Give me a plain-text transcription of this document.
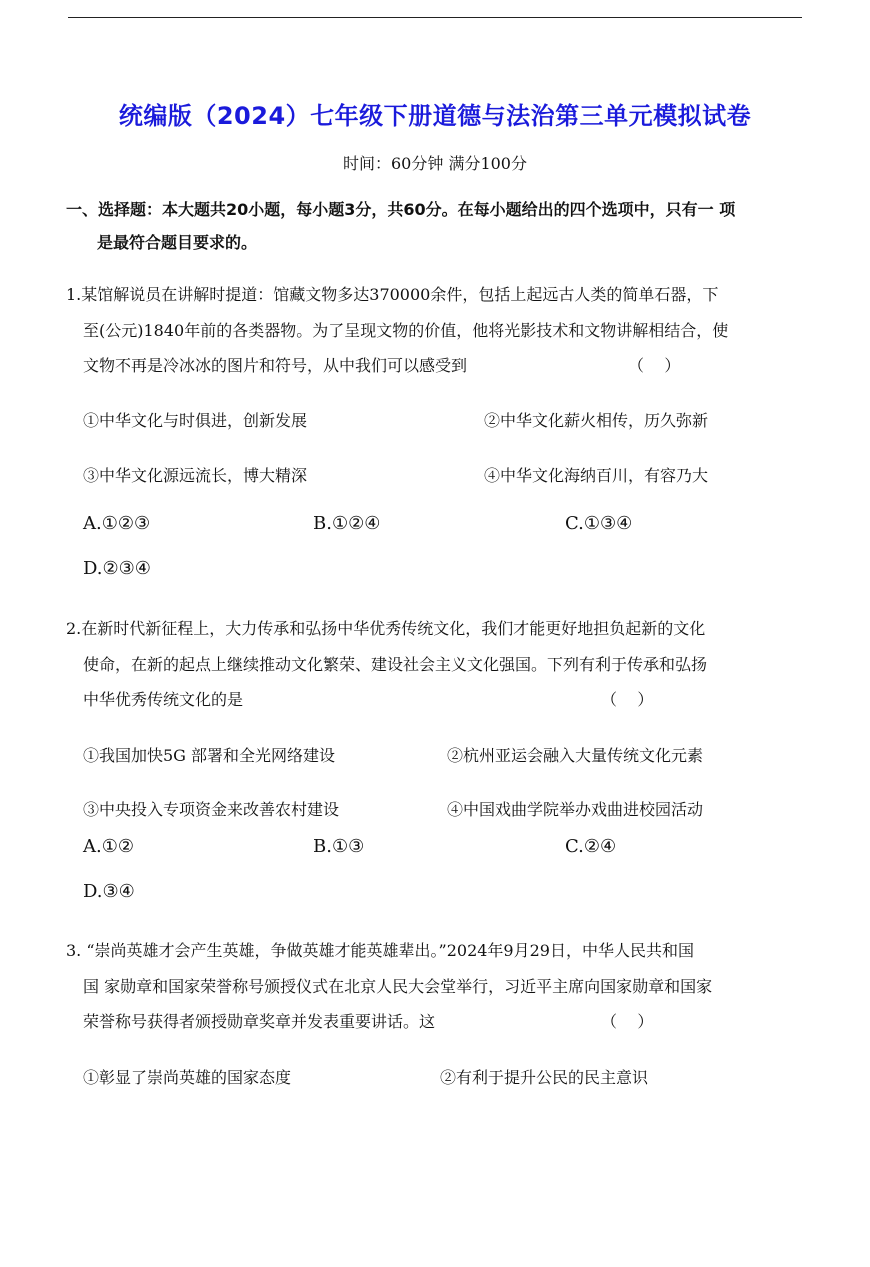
统编版（2024）七年级下册道德与法治第三单元模拟试卷
时间：60分钟 满分100分
一、选择题：本大题共20小题，每小题3分，共60分。在每小题给出的四个选项中，只有一 项
是最符合题目要求的。
1.某馆解说员在讲解时提道：馆藏文物多达370000余件，包括上起远古人类的简单石器，下
至(公元)1840年前的各类器物。为了呈现文物的价值，他将光影技术和文物讲解相结合，使
文物不再是冷冰冰的图片和符号，从中我们可以感受到	（    ）
①中华文化与时俱进，创新发展	②中华文化薪火相传，历久弥新
③中华文化源远流长，博大精深	④中华文化海纳百川，有容乃大
A.①②③	B.①②④	C.①③④
D.②③④
2.在新时代新征程上，大力传承和弘扬中华优秀传统文化，我们才能更好地担负起新的文化
使命，在新的起点上继续推动文化繁荣、建设社会主义文化强国。下列有利于传承和弘扬
中华优秀传统文化的是	（    ）
①我国加快5G 部署和全光网络建设	②杭州亚运会融入大量传统文化元素
③中央投入专项资金来改善农村建设	④中国戏曲学院举办戏曲进校园活动
A.①②	B.①③	C.②④
D.③④
3. “崇尚英雄才会产生英雄，争做英雄才能英雄辈出。”2024年9月29日，中华人民共和国
国 家勋章和国家荣誉称号颁授仪式在北京人民大会堂举行，习近平主席向国家勋章和国家
荣誉称号获得者颁授勋章奖章并发表重要讲话。这	（    ）
①彰显了崇尚英雄的国家态度	②有利于提升公民的民主意识
